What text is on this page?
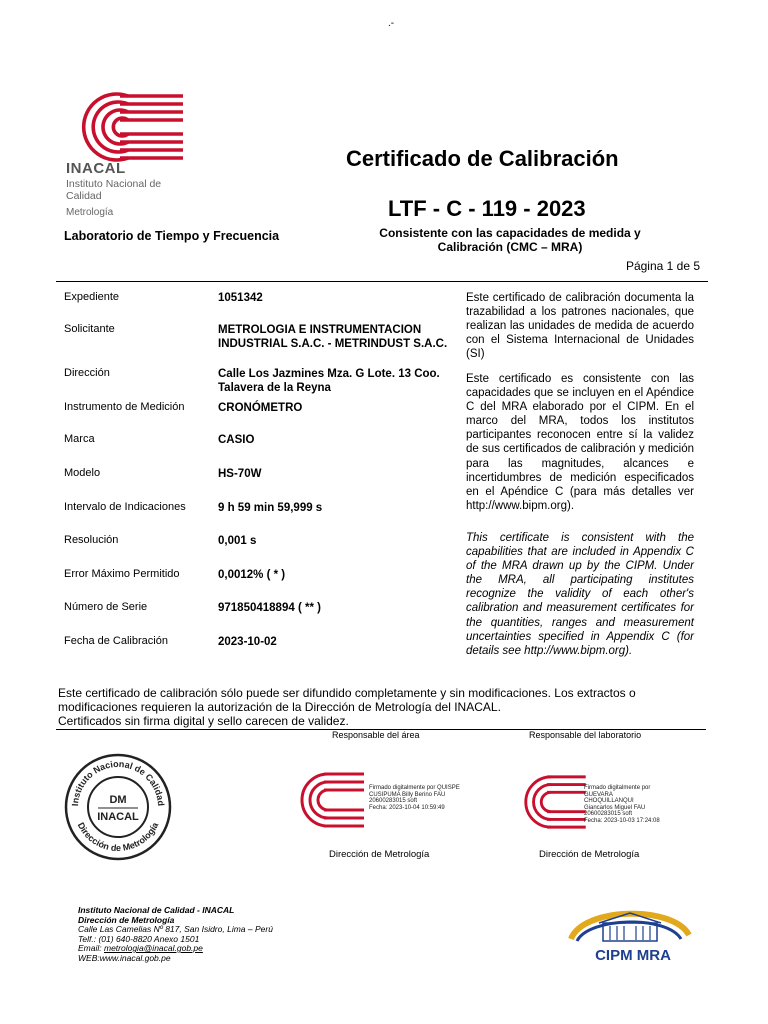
.-
INACAL
Instituto Nacional de Calidad
Metrología
Certificado de Calibración
LTF - C - 119 - 2023
Laboratorio de Tiempo y Frecuencia	Consistente con las capacidades de medida y Calibración (CMC – MRA)
Página 1 de 5
Expediente	1051342
Solicitante	METROLOGIA E INSTRUMENTACION INDUSTRIAL S.A.C. - METRINDUST S.A.C.
Dirección	Calle Los Jazmines Mza. G Lote. 13 Coo. Talavera de la Reyna
Instrumento de Medición	CRONÓMETRO
Marca	CASIO
Modelo	HS-70W
Intervalo de Indicaciones	9 h 59 min 59,999 s
Resolución	0,001 s
Error Máximo Permitido	0,0012% ( * )
Número de Serie	971850418894 ( ** )
Fecha de Calibración	2023-10-02
Este certificado de calibración documenta la trazabilidad a los patrones nacionales, que realizan las unidades de medida de acuerdo con el Sistema Internacional de Unidades (SI)
Este certificado es consistente con las capacidades que se incluyen en el Apéndice C del MRA elaborado por el CIPM. En el marco del MRA, todos los institutos participantes reconocen entre sí la validez de sus certificados de calibración y medición para las magnitudes, alcances e incertidumbres de medición especificados en el Apéndice C (para más detalles ver http://www.bipm.org).
This certificate is consistent with the capabilities that are included in Appendix C of the MRA drawn up by the CIPM. Under the MRA, all participating institutes recognize the validity of each other's calibration and measurement certificates for the quantities, ranges and measurement uncertainties specified in Appendix C (for details see http://www.bipm.org).
Este certificado de calibración sólo puede ser difundido completamente y sin modificaciones. Los extractos o modificaciones requieren la autorización de la Dirección de Metrología del INACAL.
Certificados sin firma digital y sello carecen de validez.
Instituto Nacional de Calidad
Dirección de Metrología
DM
INACAL
Responsable del área
Firmado digitalmente por QUISPE
CUSIPUMA Billy Berino FAU
20600283015 soft
Fecha: 2023-10-04 10:59:49
Dirección de Metrología
Responsable del laboratorio
Firmado digitalmente por
GUEVARA
CHOQUILLANQUI
Giancarlos Miguel FAU
20600283015 soft
Fecha: 2023-10-03 17:24:08
Dirección de Metrología
Instituto Nacional de Calidad - INACAL
Dirección de Metrología
Calle Las Camelias Nº 817, San Isidro, Lima – Perú
Telf.: (01) 640-8820 Anexo 1501
Email: metrologia@inacal.gob.pe
WEB:www.inacal.gob.pe	CIPM MRA
